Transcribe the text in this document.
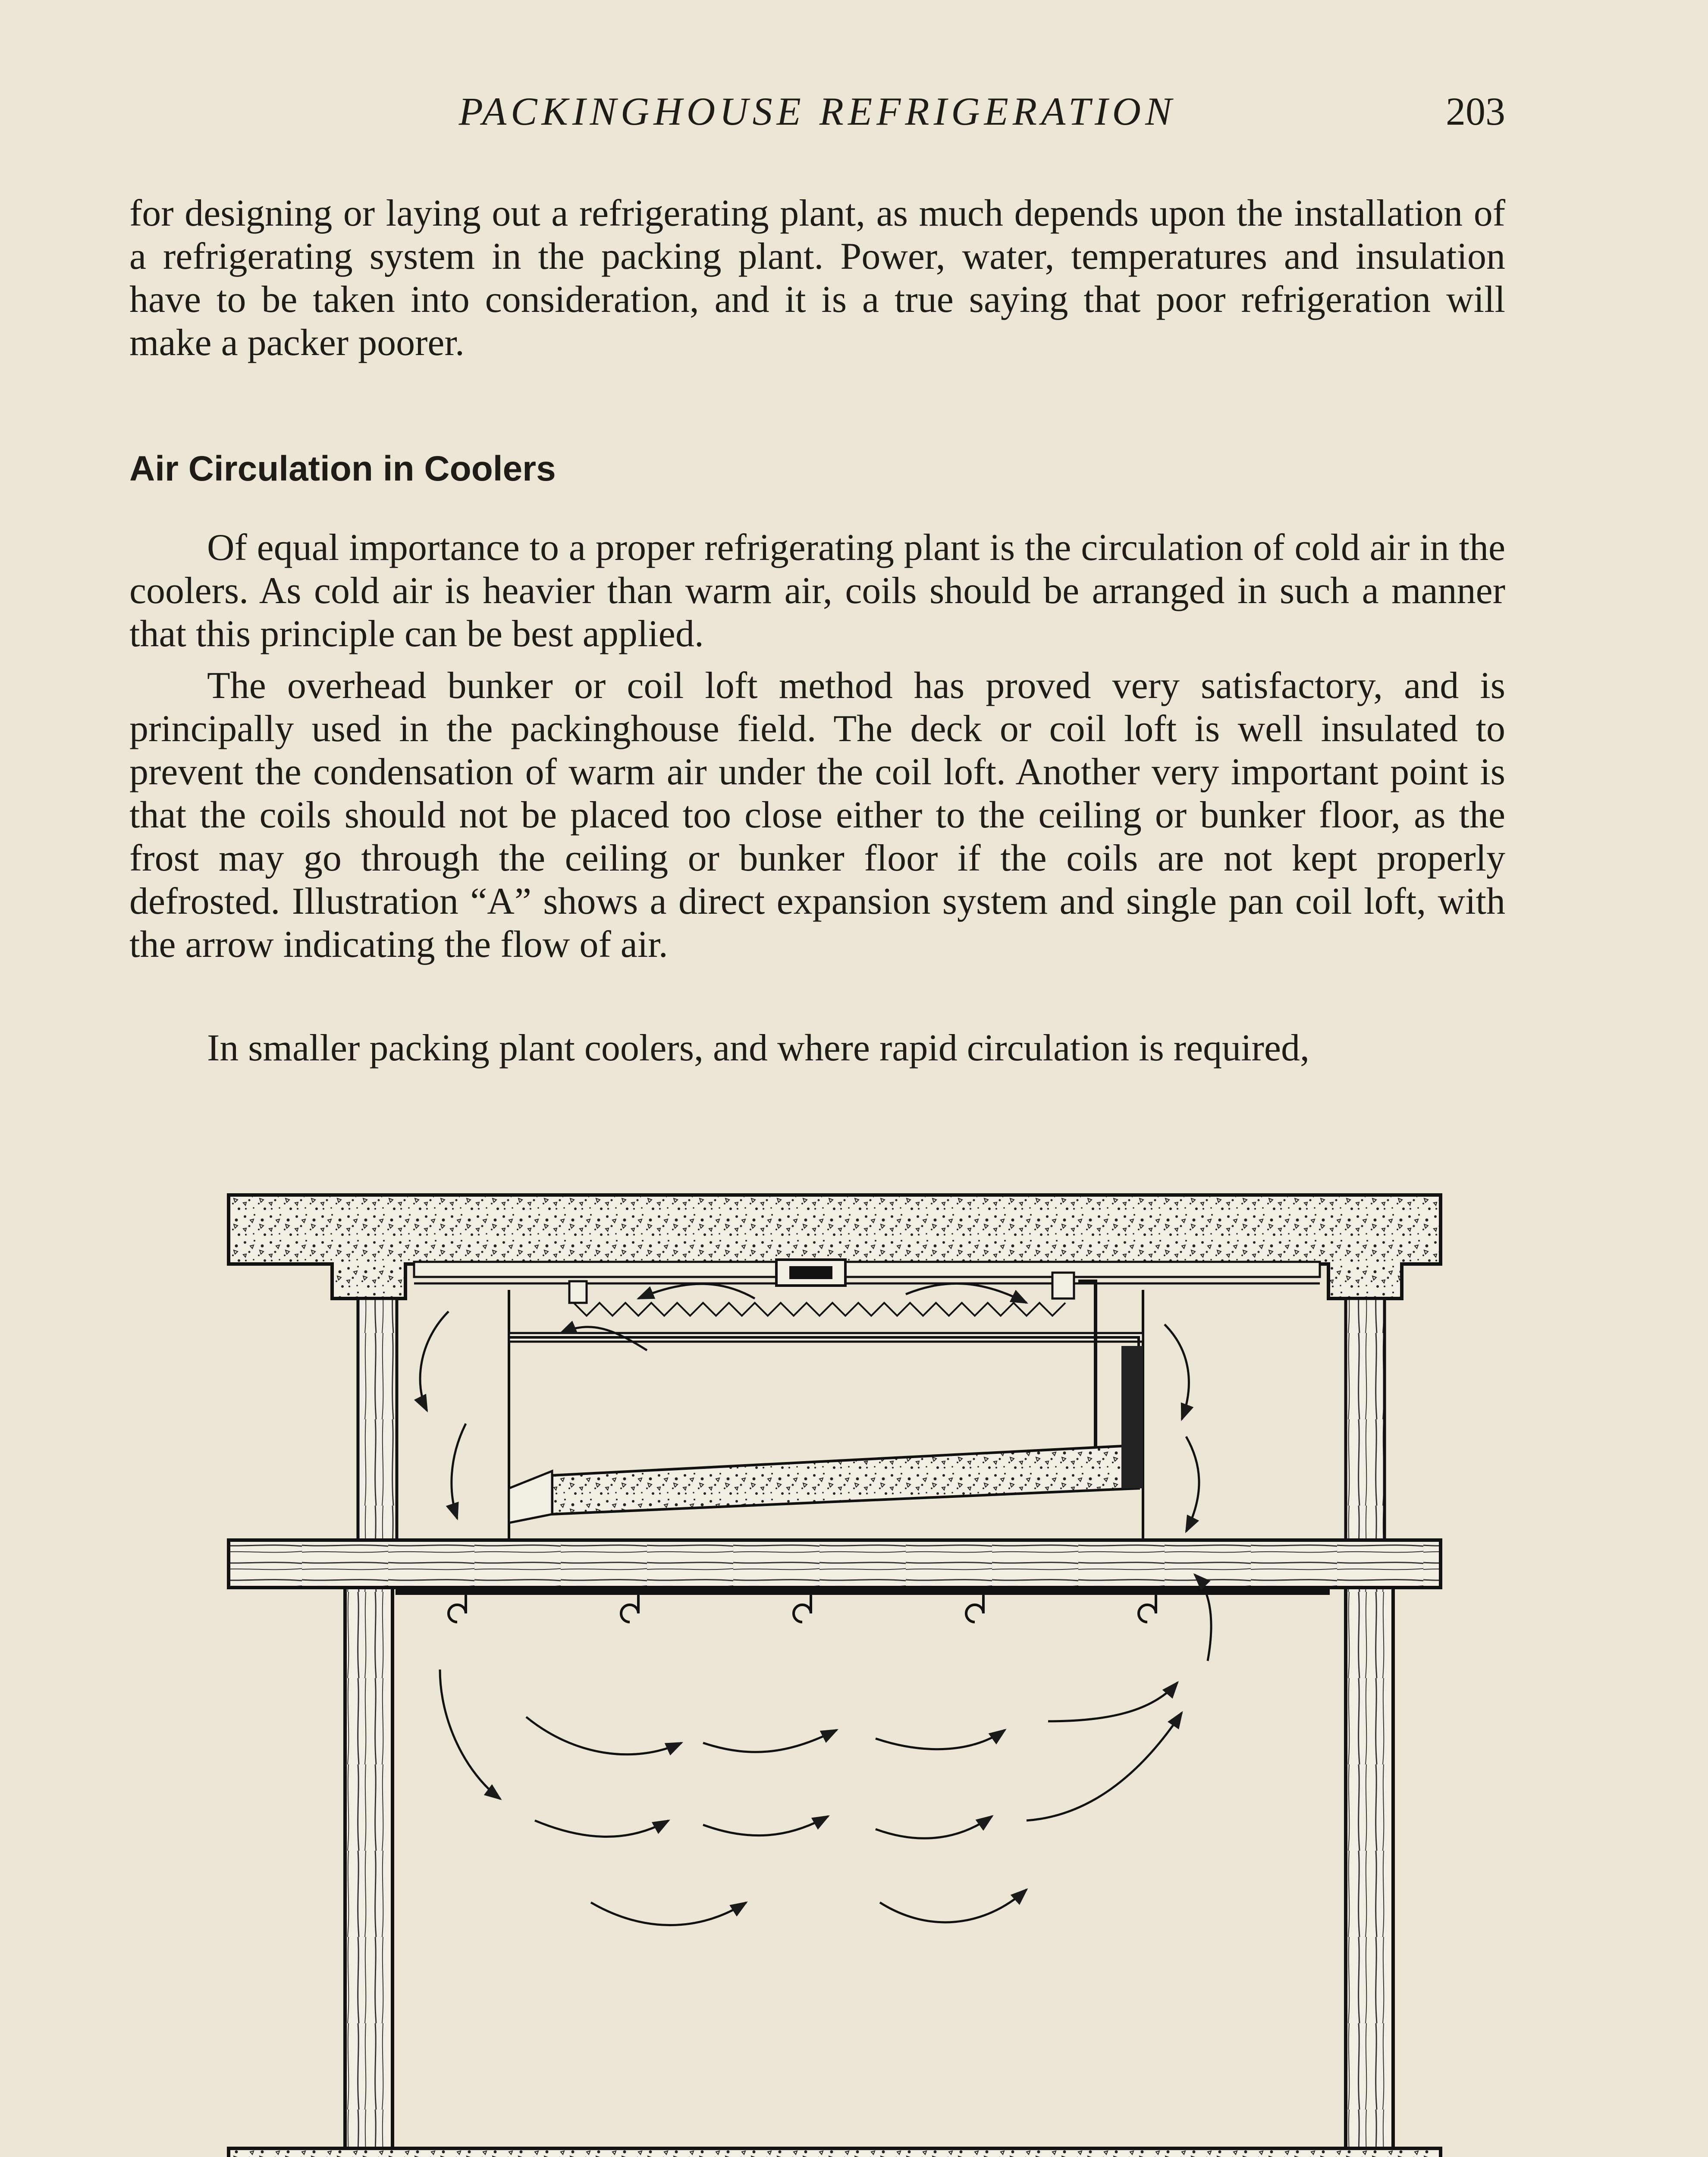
PACKINGHOUSE REFRIGERATION	203

for designing or laying out a refrigerating plant, as much depends upon the installation of a refrigerating system in the packing plant. Power, water, temperatures and insulation have to be taken into consideration, and it is a true saying that poor refrigeration will make a packer poorer.

Air Circulation in Coolers

Of equal importance to a proper refrigerating plant is the circulation of cold air in the coolers. As cold air is heavier than warm air, coils should be arranged in such a manner that this principle can be best applied.

The overhead bunker or coil loft method has proved very satisfactory, and is principally used in the packinghouse field. The deck or coil loft is well insulated to prevent the condensation of warm air under the coil loft. Another very important point is that the coils should not be placed too close either to the ceiling or bunker floor, as the frost may go through the ceiling or bunker floor if the coils are not kept properly defrosted. Illustration “A” shows a direct expansion system and single pan coil loft, with the arrow indicating the flow of air.

In smaller packing plant coolers, and where rapid circulation is required,
